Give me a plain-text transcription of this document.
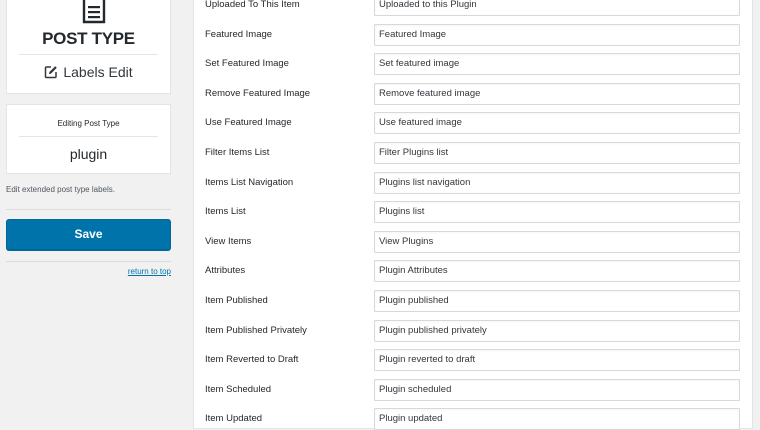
POST TYPE
Labels Edit
Editing Post Type
plugin
Edit extended post type labels.
Save
return to top
Uploaded To This Item	Uploaded to this Plugin
Featured Image	Featured Image
Set Featured Image	Set featured image
Remove Featured Image	Remove featured image
Use Featured Image	Use featured image
Filter Items List	Filter Plugins list
Items List Navigation	Plugins list navigation
Items List	Plugins list
View Items	View Plugins
Attributes	Plugin Attributes
Item Published	Plugin published
Item Published Privately	Plugin published privately
Item Reverted to Draft	Plugin reverted to draft
Item Scheduled	Plugin scheduled
Item Updated	Plugin updated
